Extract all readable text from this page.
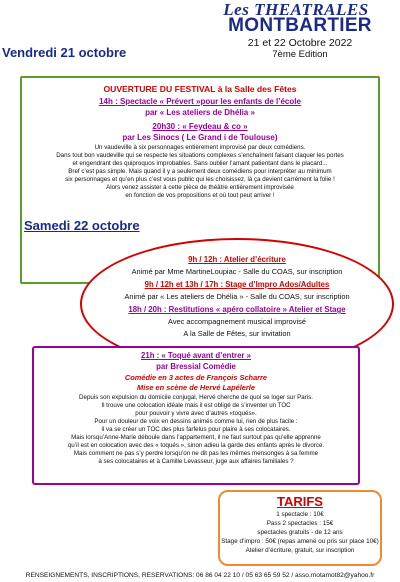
Les THEATRALES
MONTBARTIER
21 et 22 Octobre 2022
7ème Edition
Vendredi 21 octobre
OUVERTURE DU FESTIVAL à la Salle des Fêtes
14h : Spectacle « Prévert »pour les enfants de l’école
par « Les ateliers de Dhélia »
20h30 : « Feydeau & co »
par Les Sinocs ( Le Grand i de Toulouse)
Un vaudeville à six personnages entièrement improvisé par deux comédiens.
Dans tout bon vaudeville qui se respecte les situations complexes s’enchaînent faisant claquer les portes
et engendrant des quiproquos improbables. Sans oublier l’amant patientant dans le placard...
Bref c’est pas simple. Mais quand il y a seulement deux comédiens pour interpréter au minimum
six personnages et qu’en plus c’est vous public qui les choisissez, là ça devient carrément la folie !
Alors venez assister à cette pièce de théâtre entièrement improvisée
en fonction de vos propositions et où tout peut arriver !
Samedi 22 octobre
9h / 12h : Atelier d’écriture
Animé par Mme MartineLoupiac - Salle du COAS, sur inscription
9h / 12h et 13h / 17h : Stage d’Impro Ados/Adultes
Animé par « Les ateliers de Dhélia » - Salle du COAS, sur inscription
18h / 20h : Restitutions « apéro collatoire » Atelier et Stage
Avec accompagnement musical improvisé
A la Salle de Fêtes, sur invitation
21h : « Toqué avant d’entrer »
par Bressial Comédie
Comédie en 3 actes de François Scharre
Mise en scène de Hervé Lapélerle
Depuis son expulsion du domicile conjugal, Hervé cherche de quoi se loger sur Paris.
Il trouve une colocation idéale mais il est obligé de s’inventer un TOC
pour pouvoir y vivre avec d’autres «toqués».
Pour un douleur de voix en dessins animés comme lui, rien de plus facile :
il va se créer un TOC des plus farfelus pour plaire à ses colocataires.
Mais lorsqu’Anne-Marie déboule dans l’appartement, il ne faut surtout pas qu’elle apprenne
qu’il est en colocation avec des « toqués », sinon adieu la garde des enfants après le divorce.
Mais comment ne pas s’y perdre lorsqu’on ne dit pas les mêmes mensonges à sa femme
à ses colocataires et à Camille Levasseur, juge aux affaires familiales ?
TARIFS
1 spectacle : 10€
Pass 2 spectacles : 15€
spectacles gratuits - de 12 ans
Stage d’impro : 50€ (repas amené ou pris sur place 10€)
Atelier d’écriture, gratuit, sur inscription
RENSEIGNEMENTS, INSCRIPTIONS, RESERVATIONS: 06 86 04 22 10 / 05 63 65 59 52 / asso.motamot82@yahoo.fr
